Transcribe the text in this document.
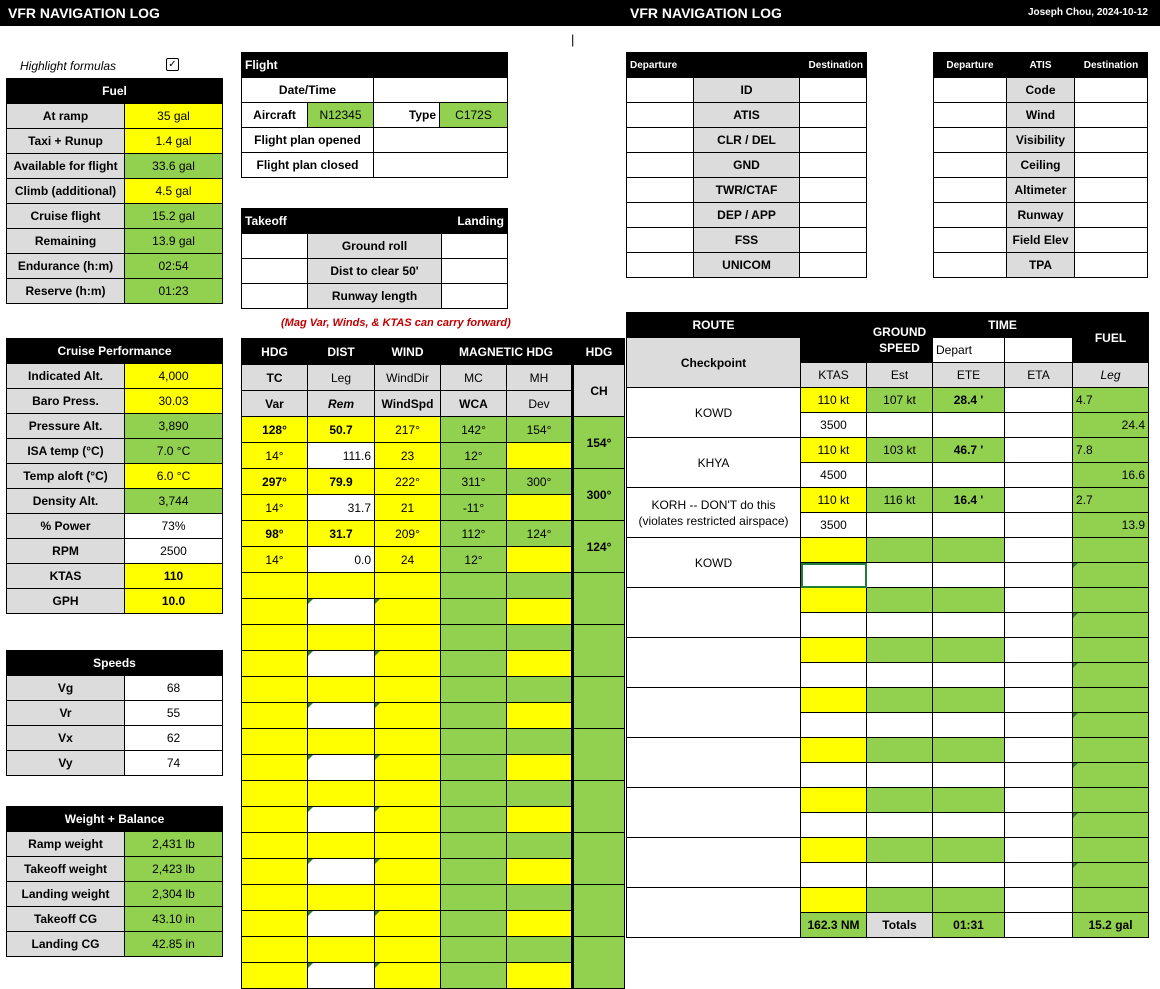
VFR NAVIGATION LOG	VFR NAVIGATION LOG	Joseph Chou, 2024-10-12
|
Highlight formulas	✓
Fuel	
At ramp	35 gal
Taxi + Runup	1.4 gal
Available for flight	33.6 gal
Climb (additional)	4.5 gal
Cruise flight	15.2 gal
Remaining	13.9 gal
Endurance (h:m)	02:54
Reserve (h:m)	01:23
Cruise Performance	
Indicated Alt.	4,000
Baro Press.	30.03
Pressure Alt.	3,890
ISA temp (°C)	7.0 °C
Temp aloft (°C)	6.0 °C
Density Alt.	3,744
% Power	73%
RPM	2500
KTAS	110
GPH	10.0
Speeds	
Vg	68
Vr	55
Vx	62
Vy	74
Weight + Balance	
Ramp weight	2,431 lb
Takeoff weight	2,423 lb
Landing weight	2,304 lb
Takeoff CG	43.10 in
Landing CG	42.85 in
Flight			
Date/Time			
Aircraft	N12345	Type	C172S
Flight plan opened			
Flight plan closed			
Takeoff		Landing
	Ground roll	
	Dist to clear 50'	
	Runway length	
(Mag Var, Winds, & KTAS can carry forward)
Departure		Destination
	ID	
	ATIS	
	CLR / DEL	
	GND	
	TWR/CTAF	
	DEP / APP	
	FSS	
	UNICOM	
Departure	ATIS	Destination
	Code	
	Wind	
	Visibility	
	Ceiling	
	Altimeter	
	Runway	
	Field Elev	
	TPA	
HDG	DIST	WIND	MAGNETIC HDG		HDG
TC	Leg	WindDir	MC	MH	CH
Var	Rem	WindSpd	WCA	Dev	
128°	50.7	217°	142°	154°	154°
14°	111.6	23	12°		
297°	79.9	222°	311°	300°	300°
14°	31.7	21	-11°		
98°	31.7	209°	112°	124°	124°
14°	0.0	24	12°		

ROUTE		GROUND SPEED	TIME		FUEL
Checkpoint			Depart		
	KTAS	Est	ETE	ETA	Leg
KOWD	110 kt	107 kt	28.4 '		4.7
	3500				24.4
KHYA	110 kt	103 kt	46.7 '		7.8
	4500				16.6
KORH -- DON'T do this (violates restricted airspace)	110 kt	116 kt	16.4 '		2.7
	3500				13.9
KOWD					

	162.3 NM	Totals	01:31		15.2 gal
